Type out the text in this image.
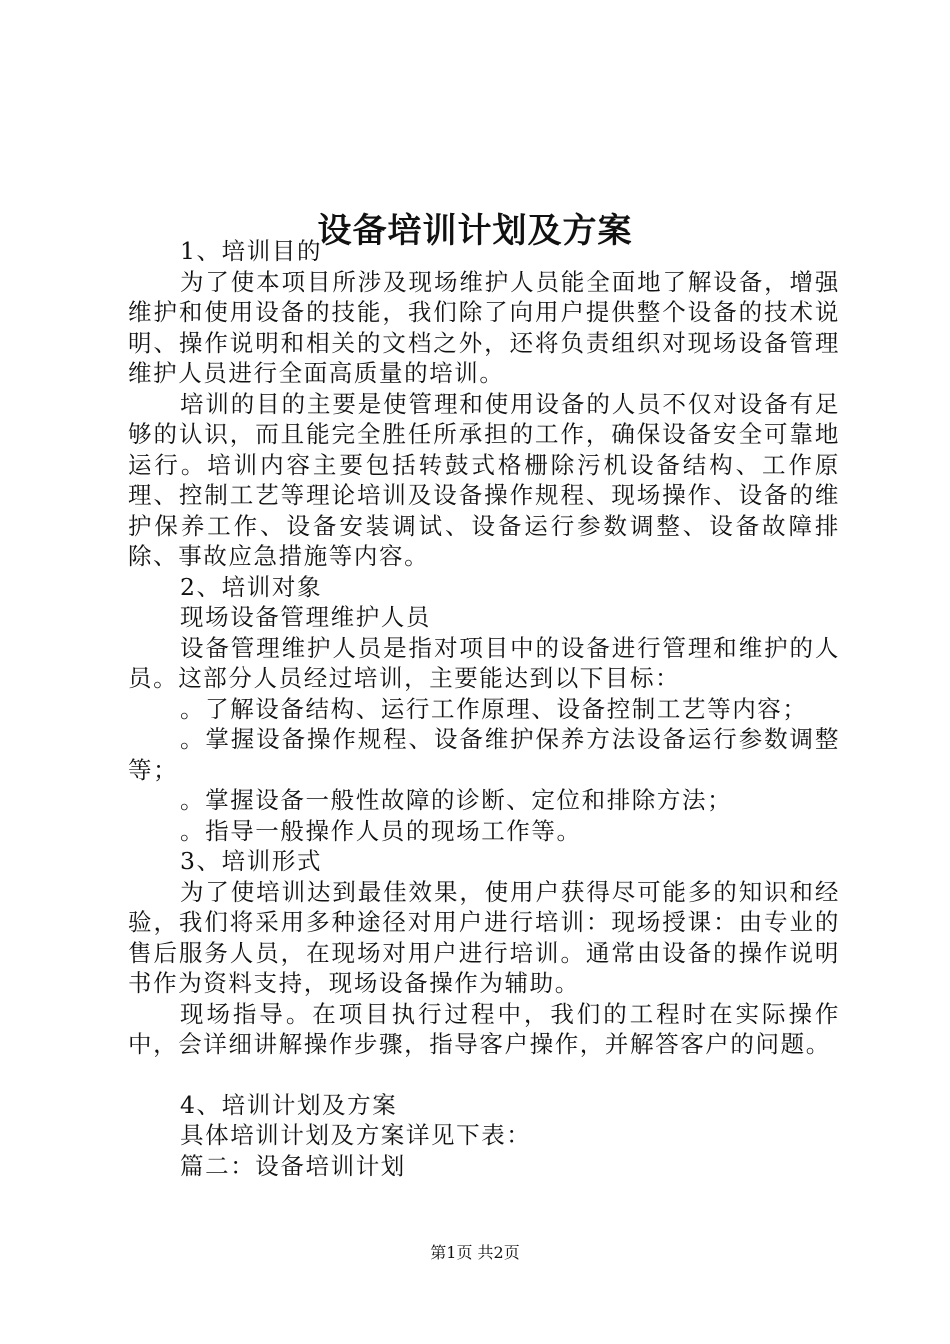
设备培训计划及方案

1、培训目的

为了使本项目所涉及现场维护人员能全面地了解设备，增强维护和使用设备的技能，我们除了向用户提供整个设备的技术说明、操作说明和相关的文档之外，还将负责组织对现场设备管理维护人员进行全面高质量的培训。

培训的目的主要是使管理和使用设备的人员不仅对设备有足够的认识，而且能完全胜任所承担的工作，确保设备安全可靠地运行。培训内容主要包括转鼓式格栅除污机设备结构、工作原理、控制工艺等理论培训及设备操作规程、现场操作、设备的维护保养工作、设备安装调试、设备运行参数调整、设备故障排除、事故应急措施等内容。

2、培训对象

现场设备管理维护人员

设备管理维护人员是指对项目中的设备进行管理和维护的人员。这部分人员经过培训，主要能达到以下目标：

。了解设备结构、运行工作原理、设备控制工艺等内容；

。掌握设备操作规程、设备维护保养方法设备运行参数调整等；

。掌握设备一般性故障的诊断、定位和排除方法；

。指导一般操作人员的现场工作等。

3、培训形式

为了使培训达到最佳效果，使用户获得尽可能多的知识和经验，我们将采用多种途径对用户进行培训：现场授课：由专业的售后服务人员，在现场对用户进行培训。通常由设备的操作说明书作为资料支持，现场设备操作为辅助。

现场指导。在项目执行过程中，我们的工程时在实际操作中，会详细讲解操作步骤，指导客户操作，并解答客户的问题。

4、培训计划及方案

具体培训计划及方案详见下表：

篇二：设备培训计划

第1页 共2页
